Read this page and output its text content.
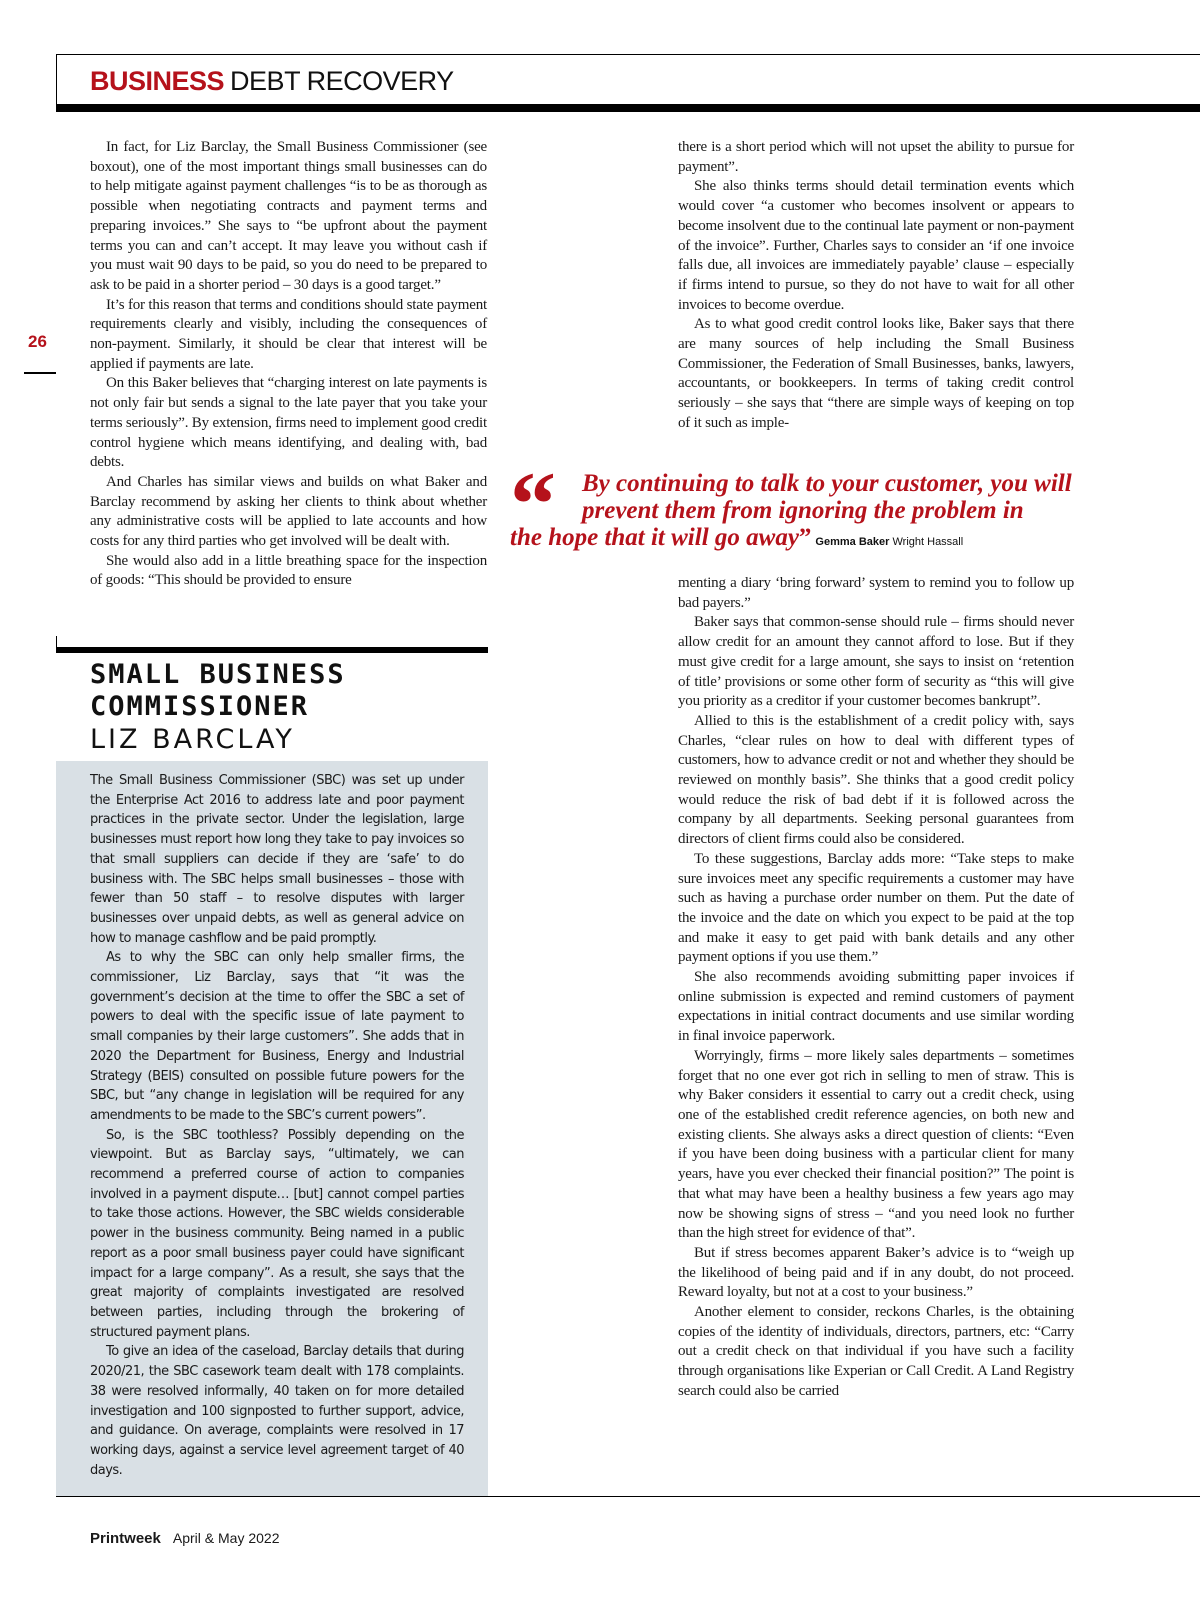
BUSINESS DEBT RECOVERY
26

In fact, for Liz Barclay, the Small Business Commissioner (see boxout), one of the most important things small businesses can do to help mitigate against payment challenges “is to be as thorough as possible when negotiating contracts and payment terms and preparing invoices.” She says to “be upfront about the payment terms you can and can’t accept. It may leave you without cash if you must wait 90 days to be paid, so you do need to be prepared to ask to be paid in a shorter period – 30 days is a good target.”

It’s for this reason that terms and conditions should state payment requirements clearly and visibly, including the consequences of non-payment. Similarly, it should be clear that interest will be applied if payments are late.

On this Baker believes that “charging interest on late payments is not only fair but sends a signal to the late payer that you take your terms seriously”. By extension, firms need to implement good credit control hygiene which means identifying, and dealing with, bad debts.

And Charles has similar views and builds on what Baker and Barclay recommend by asking her clients to think about whether any administrative costs will be applied to late accounts and how costs for any third parties who get involved will be dealt with.

She would also add in a little breathing space for the inspection of goods: “This should be provided to ensure

there is a short period which will not upset the ability to pursue for payment”.

She also thinks terms should detail termination events which would cover “a customer who becomes insolvent or appears to become insolvent due to the continual late payment or non-payment of the invoice”. Further, Charles says to consider an ‘if one invoice falls due, all invoices are immediately payable’ clause – especially if firms intend to pursue, so they do not have to wait for all other invoices to become overdue.

As to what good credit control looks like, Baker says that there are many sources of help including the Small Business Commissioner, the Federation of Small Businesses, banks, lawyers, accountants, or bookkeepers. In terms of taking credit control seriously – she says that “there are simple ways of keeping on top of it such as imple-

“	By continuing to talk to your customer, you will prevent them from ignoring the problem in
the hope that it will go away” Gemma Baker Wright Hassall

menting a diary ‘bring forward’ system to remind you to follow up bad payers.”

Baker says that common-sense should rule – firms should never allow credit for an amount they cannot afford to lose. But if they must give credit for a large amount, she says to insist on ‘retention of title’ provisions or some other form of security as “this will give you priority as a creditor if your customer becomes bankrupt”.

Allied to this is the establishment of a credit policy with, says Charles, “clear rules on how to deal with different types of customers, how to advance credit or not and whether they should be reviewed on monthly basis”. She thinks that a good credit policy would reduce the risk of bad debt if it is followed across the company by all departments. Seeking personal guarantees from directors of client firms could also be considered.

To these suggestions, Barclay adds more: “Take steps to make sure invoices meet any specific requirements a customer may have such as having a purchase order number on them. Put the date of the invoice and the date on which you expect to be paid at the top and make it easy to get paid with bank details and any other payment options if you use them.”

She also recommends avoiding submitting paper invoices if online submission is expected and remind customers of payment expectations in initial contract documents and use similar wording in final invoice paperwork.

Worryingly, firms – more likely sales departments – sometimes forget that no one ever got rich in selling to men of straw. This is why Baker considers it essential to carry out a credit check, using one of the established credit reference agencies, on both new and existing clients. She always asks a direct question of clients: “Even if you have been doing business with a particular client for many years, have you ever checked their financial position?” The point is that what may have been a healthy business a few years ago may now be showing signs of stress – “and you need look no further than the high street for evidence of that”.

But if stress becomes apparent Baker’s advice is to “weigh up the likelihood of being paid and if in any doubt, do not proceed. Reward loyalty, but not at a cost to your business.”

Another element to consider, reckons Charles, is the obtaining copies of the identity of individuals, directors, partners, etc: “Carry out a credit check on that individual if you have such a facility through organisations like Experian or Call Credit. A Land Registry search could also be carried

SMALL BUSINESS
COMMISSIONER
LIZ BARCLAY

The Small Business Commissioner (SBC) was set up under the Enterprise Act 2016 to address late and poor payment practices in the private sector. Under the legislation, large businesses must report how long they take to pay invoices so that small suppliers can decide if they are ‘safe’ to do business with. The SBC helps small businesses – those with fewer than 50 staff – to resolve disputes with larger businesses over unpaid debts, as well as general advice on how to manage cashflow and be paid promptly.

As to why the SBC can only help smaller firms, the commissioner, Liz Barclay, says that “it was the government’s decision at the time to offer the SBC a set of powers to deal with the specific issue of late payment to small companies by their large customers”. She adds that in 2020 the Department for Business, Energy and Industrial Strategy (BEIS) consulted on possible future powers for the SBC, but “any change in legislation will be required for any amendments to be made to the SBC’s current powers”.

So, is the SBC toothless? Possibly depending on the viewpoint. But as Barclay says, “ultimately, we can recommend a preferred course of action to companies involved in a payment dispute… [but] cannot compel parties to take those actions. However, the SBC wields considerable power in the business community. Being named in a public report as a poor small business payer could have significant impact for a large company”. As a result, she says that the great majority of complaints investigated are resolved between parties, including through the brokering of structured payment plans.

To give an idea of the caseload, Barclay details that during 2020/21, the SBC casework team dealt with 178 complaints. 38 were resolved informally, 40 taken on for more detailed investigation and 100 signposted to further support, advice, and guidance. On average, complaints were resolved in 17 working days, against a service level agreement target of 40 days.

Printweek April & May 2022
